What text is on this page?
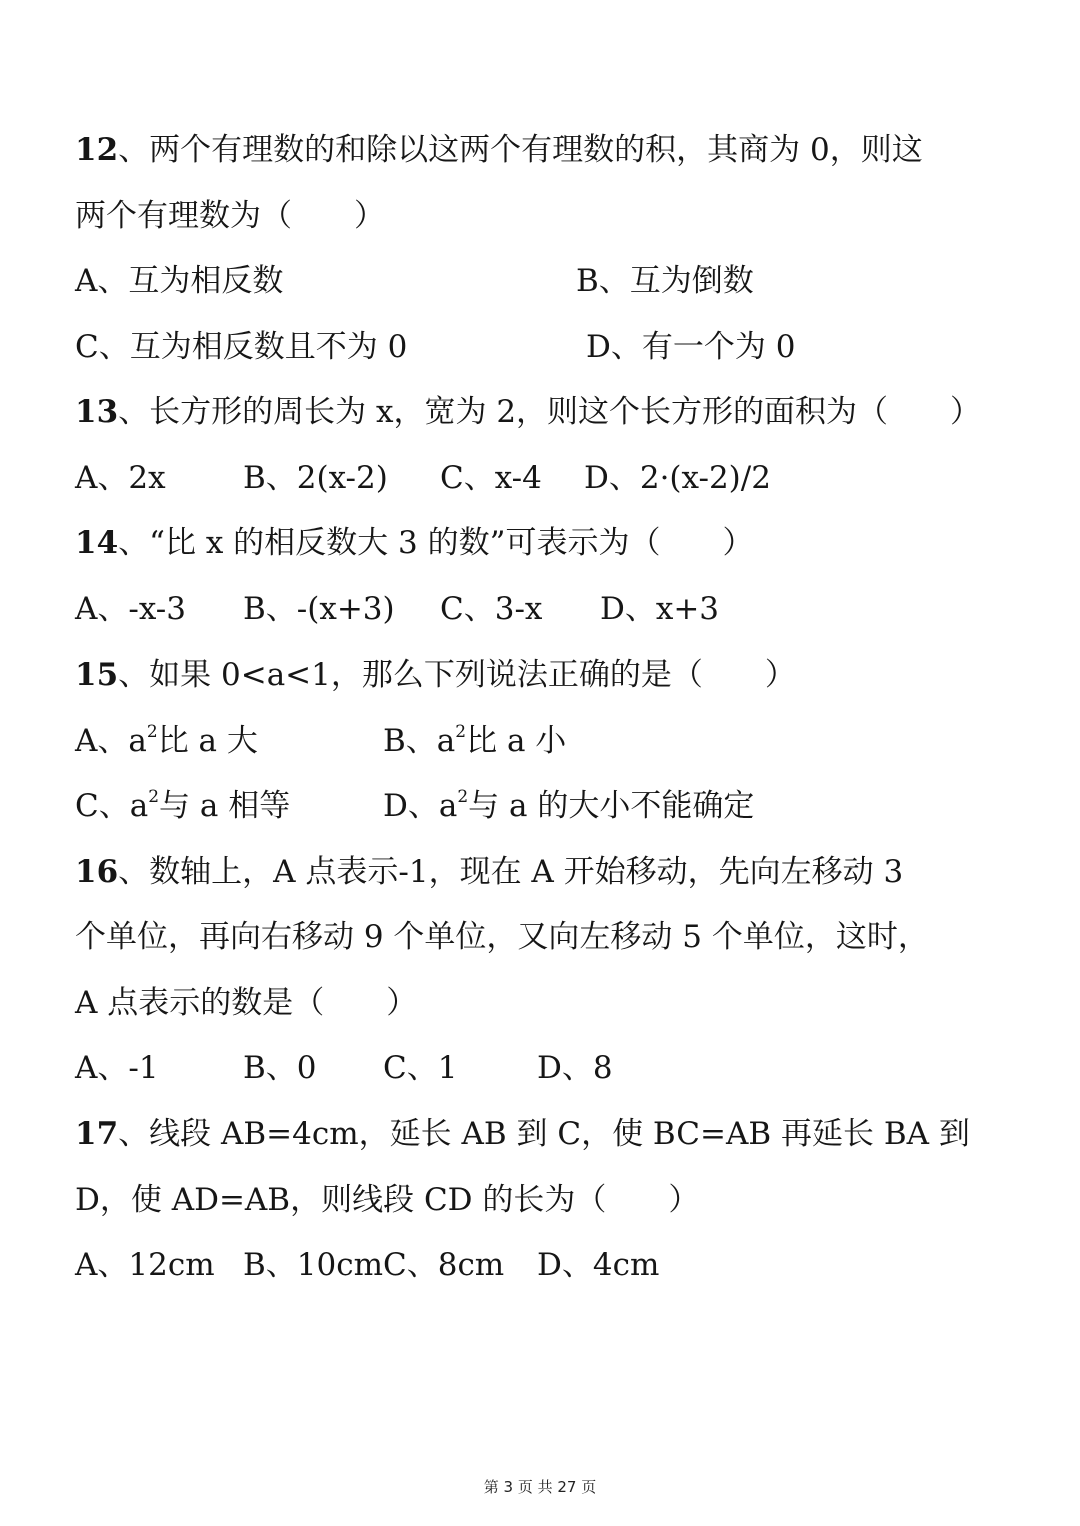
12、两个有理数的和除以这两个有理数的积，其商为 0，则这
两个有理数为（　　）
A、互为相反数	B、互为倒数
C、互为相反数且不为 0	D、有一个为 0
13、长方形的周长为 x，宽为 2，则这个长方形的面积为（　　）
A、2x B、2(x-2) C、x-4 D、2·(x-2)/2
14、“比 x 的相反数大 3 的数”可表示为（　　）
A、-x-3 B、-(x+3) C、3-x D、x+3
15、如果 0<a<1，那么下列说法正确的是（　　）
A、$a^2$比 a 大	B、$a^2$比 a 小
C、$a^2$与 a 相等	D、$a^2$与 a 的大小不能确定
16、数轴上，A 点表示-1，现在 A 开始移动，先向左移动 3
个单位，再向右移动 9 个单位，又向左移动 5 个单位，这时，
A 点表示的数是（　　）
A、-1	B、0 C、1	D、8
17、线段 AB=4cm，延长 AB 到 C，使 BC=AB 再延长 BA 到
D，使 AD=AB，则线段 CD 的长为（　　）
A、12cm B、10cm C、8cm D、4cm
第 3 页 共 27 页
